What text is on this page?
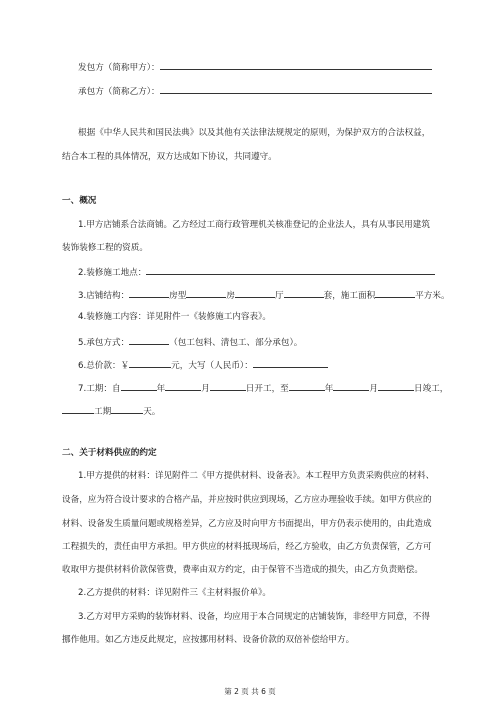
发包方（简称甲方）：
承包方（简称乙方）：
根据《中华人民共和国民法典》以及其他有关法律法规规定的原则，为保护双方的合法权益，
结合本工程的具体情况，双方达成如下协议，共同遵守。
一、概况
1.甲方店铺系合法商铺。乙方经过工商行政管理机关核准登记的企业法人，具有从事民用建筑
装饰装修工程的资质。
2.装修施工地点：
3.店铺结构：	房型	房	厅	套，施工面积	平方米。
4.装修施工内容：详见附件一《装修施工内容表》。
5.承包方式：	（包工包料、清包工、部分承包）。
6.总价款：￥	元，大写（人民币）：
7.工期：自	年	月	日开工，至	年	月	日竣工，
工期	天。
二、关于材料供应的约定
1.甲方提供的材料：详见附件二《甲方提供材料、设备表》。本工程甲方负责采购供应的材料、
设备，应为符合设计要求的合格产品，并应按时供应到现场，乙方应办理验收手续。如甲方供应的
材料、设备发生质量问题或规格差异，乙方应及时向甲方书面提出，甲方仍表示使用的，由此造成
工程损失的，责任由甲方承担。甲方供应的材料抵现场后，经乙方验收，由乙方负责保管，乙方可
收取甲方提供材料价款保管费，费率由双方约定，由于保管不当造成的损失，由乙方负责赔偿。
2.乙方提供的材料：详见附件三《主材料报价单》。
3.乙方对甲方采购的装饰材料、设备，均应用于本合同规定的店铺装饰，非经甲方同意，不得
挪作他用。如乙方违反此规定，应按挪用材料、设备价款的双倍补偿给甲方。
第 2 页 共 6 页
